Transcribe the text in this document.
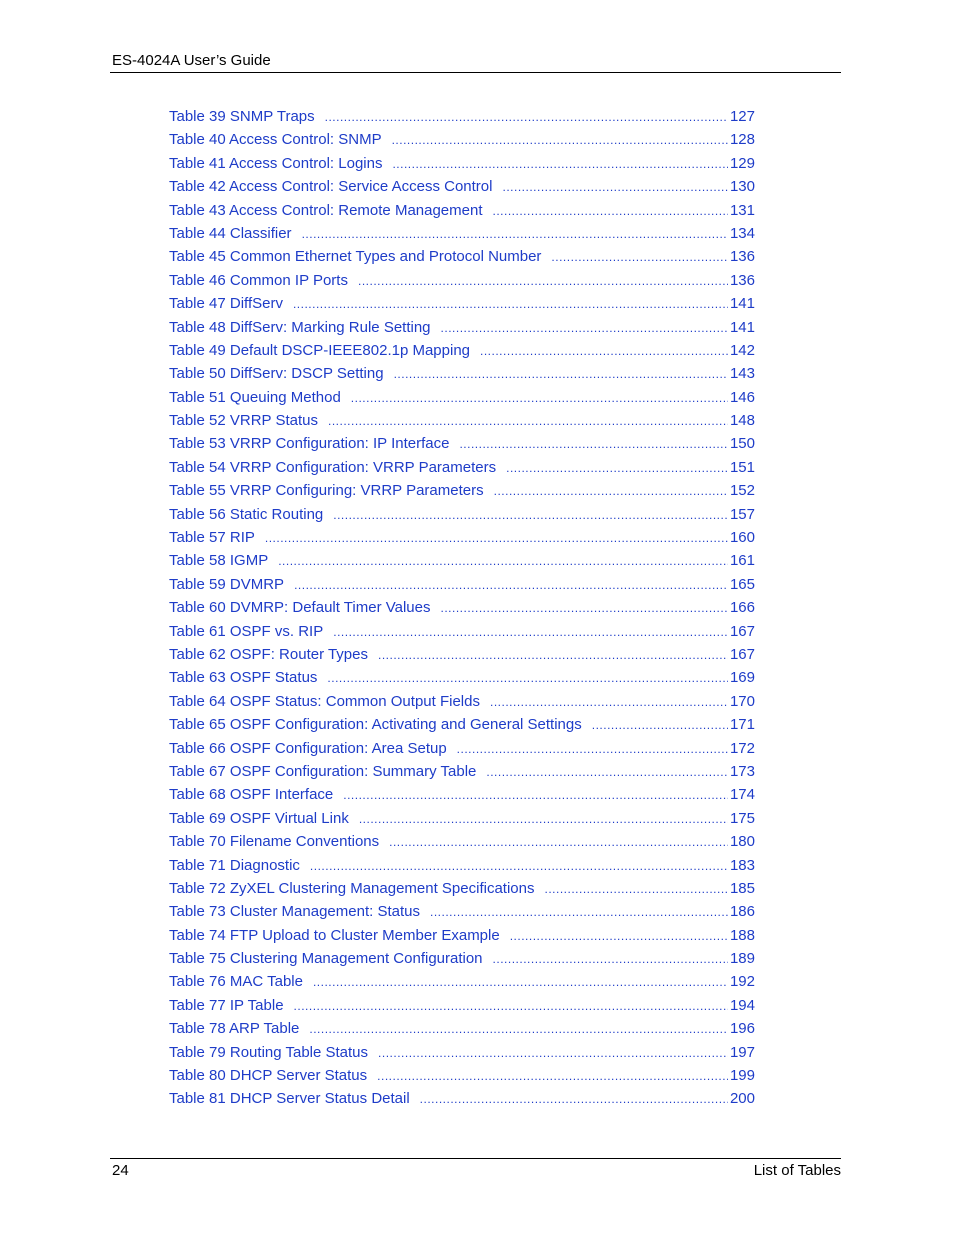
ES-4024A User’s Guide
Table 39 SNMP Traps .....	127
Table 40 Access Control: SNMP .....	128
Table 41 Access Control: Logins .....	129
Table 42 Access Control: Service Access Control .....	130
Table 43 Access Control: Remote Management .....	131
Table 44 Classifier .....	134
Table 45 Common Ethernet Types and Protocol Number .....	136
Table 46 Common IP Ports .....	136
Table 47 DiffServ .....	141
Table 48 DiffServ: Marking Rule Setting .....	141
Table 49 Default DSCP-IEEE802.1p Mapping .....	142
Table 50 DiffServ: DSCP Setting .....	143
Table 51 Queuing Method .....	146
Table 52 VRRP Status .....	148
Table 53 VRRP Configuration: IP Interface .....	150
Table 54 VRRP Configuration: VRRP Parameters .....	151
Table 55 VRRP Configuring: VRRP Parameters .....	152
Table 56 Static Routing .....	157
Table 57 RIP .....	160
Table 58 IGMP .....	161
Table 59 DVMRP .....	165
Table 60 DVMRP: Default Timer Values .....	166
Table 61 OSPF vs. RIP .....	167
Table 62 OSPF: Router Types .....	167
Table 63 OSPF Status .....	169
Table 64 OSPF Status: Common Output Fields .....	170
Table 65 OSPF Configuration: Activating and General Settings .....	171
Table 66 OSPF Configuration: Area Setup .....	172
Table 67 OSPF Configuration: Summary Table .....	173
Table 68 OSPF Interface .....	174
Table 69 OSPF Virtual Link .....	175
Table 70 Filename Conventions .....	180
Table 71 Diagnostic .....	183
Table 72 ZyXEL Clustering Management Specifications .....	185
Table 73 Cluster Management: Status .....	186
Table 74 FTP Upload to Cluster Member Example .....	188
Table 75 Clustering Management Configuration .....	189
Table 76 MAC Table .....	192
Table 77 IP Table .....	194
Table 78 ARP Table .....	196
Table 79 Routing Table Status .....	197
Table 80 DHCP Server Status .....	199
Table 81 DHCP Server Status Detail .....	200
24	List of Tables
